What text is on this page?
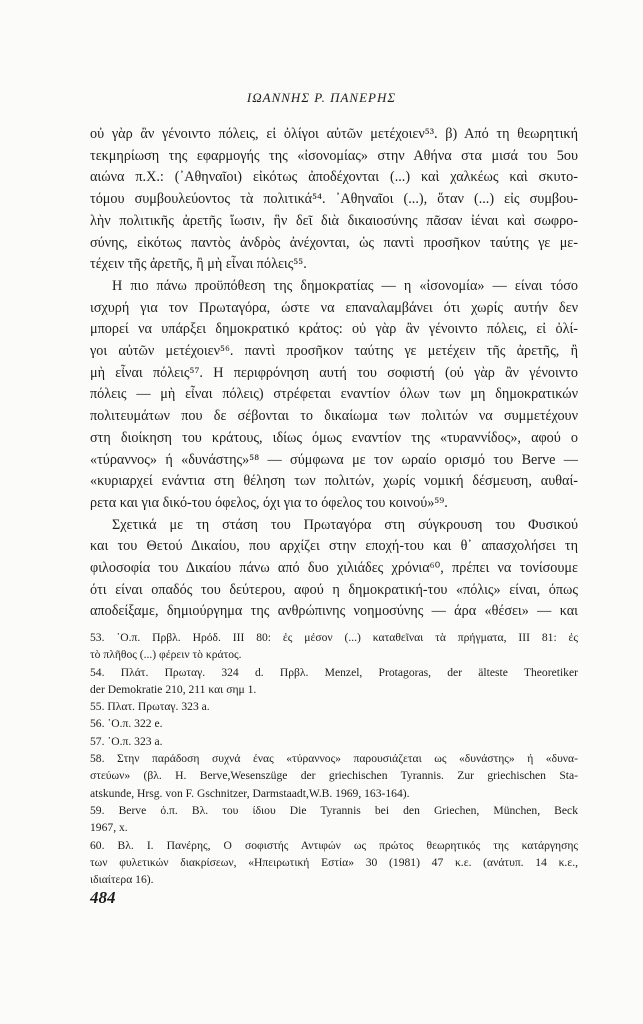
ΙΩΑΝΝΗΣ Ρ. ΠΑΝΕΡΗΣ
οὐ γὰρ ἂν γένοιντο πόλεις, εἰ ὀλίγοι αὐτῶν μετέχοιεν⁵³. β) Από τη θεωρητική
τεκμηρίωση της εφαρμογής της «ἰσονομίας» στην Αθήνα στα μισά του 5ου
αιώνα π.Χ.: (᾽Αθηναῖοι) εἰκότως ἀποδέχονται (...) καὶ χαλκέως καὶ σκυτο-
τόμου συμβουλεύοντος τὰ πολιτικά⁵⁴. ᾽Αθηναῖοι (...), ὅταν (...) εἰς συμβου-
λὴν πολιτικῆς ἀρετῆς ἴωσιν, ἣν δεῖ διὰ δικαιοσύνης πᾶσαν ἰέναι καὶ σωφρο-
σύνης, εἰκότως παντὸς ἀνδρὸς ἀνέχονται, ὡς παντὶ προσῆκον ταύτης γε με-
τέχειν τῆς ἀρετῆς, ἢ μὴ εἶναι πόλεις⁵⁵.
Η πιο πάνω προϋπόθεση της δημοκρατίας — η «ἰσονομία» — είναι τόσο
ισχυρή για τον Πρωταγόρα, ώστε να επαναλαμβάνει ότι χωρίς αυτήν δεν
μπορεί να υπάρξει δημοκρατικό κράτος: οὐ γὰρ ἂν γένοιντο πόλεις, εἰ ὀλί-
γοι αὐτῶν μετέχοιεν⁵⁶. παντὶ προσῆκον ταύτης γε μετέχειν τῆς ἀρετῆς, ἢ
μὴ εἶναι πόλεις⁵⁷. Η περιφρόνηση αυτή του σοφιστή (οὐ γὰρ ἂν γένοιντο
πόλεις — μὴ εἶναι πόλεις) στρέφεται εναντίον όλων των μη δημοκρατικών
πολιτευμάτων που δε σέβονται το δικαίωμα των πολιτών να συμμετέχουν
στη διοίκηση του κράτους, ιδίως όμως εναντίον της «τυραννίδος», αφού ο
«τύραννος» ή «δυνάστης»⁵⁸ — σύμφωνα με τον ωραίο ορισμό του Berve —
«κυριαρχεί ενάντια στη θέληση των πολιτών, χωρίς νομική δέσμευση, αυθαί-
ρετα και για δικό-του όφελος, όχι για το όφελος του κοινού»⁵⁹.
Σχετικά με τη στάση του Πρωταγόρα στη σύγκρουση του Φυσικού
και του Θετού Δικαίου, που αρχίζει στην εποχή-του και θ᾽ απασχολήσει τη
φιλοσοφία του Δικαίου πάνω από δυο χιλιάδες χρόνια⁶⁰, πρέπει να τονίσουμε
ότι είναι οπαδός του δεύτερου, αφού η δημοκρατική-του «πόλις» είναι, όπως
αποδείξαμε, δημιούργημα της ανθρώπινης νοημοσύνης — άρα «θέσει» — και
53. ᾽Ο.π. Πρβλ. Ηρόδ. ΙΙΙ 80: ἐς μέσον (...) καταθεῖναι τὰ πρήγματα, ΙΙΙ 81: ἐς
τὸ πλῆθος (...) φέρειν τὸ κράτος.
54. Πλάτ. Πρωταγ. 324 d. Πρβλ. Menzel, Protagoras, der älteste Theoretiker
der Demokratie 210, 211 και σημ 1.
55. Πλατ. Πρωταγ. 323 a.
56. ᾽Ο.π. 322 e.
57. ᾽Ο.π. 323 a.
58. Στην παράδοση συχνά ένας «τύραννος» παρουσιάζεται ως «δυνάστης» ή «δυνα-
στεύων» (βλ. H. Berve,Wesenszüge der griechischen Tyrannis. Zur griechischen Sta-
atskunde, Hrsg. von F. Gschnitzer, Darmstaadt,W.B. 1969, 163-164).
59. Berve ό.π. Βλ. του ίδιου Die Tyrannis bei den Griechen, München, Beck
1967, x.
60. Βλ. Ι. Πανέρης, Ο σοφιστής Αντιφών ως πρώτος θεωρητικός της κατάργησης
των φυλετικών διακρίσεων, «Ηπειρωτική Εστία» 30 (1981) 47 κ.ε. (ανάτυπ. 14 κ.ε.,
ιδιαίτερα 16).
484
